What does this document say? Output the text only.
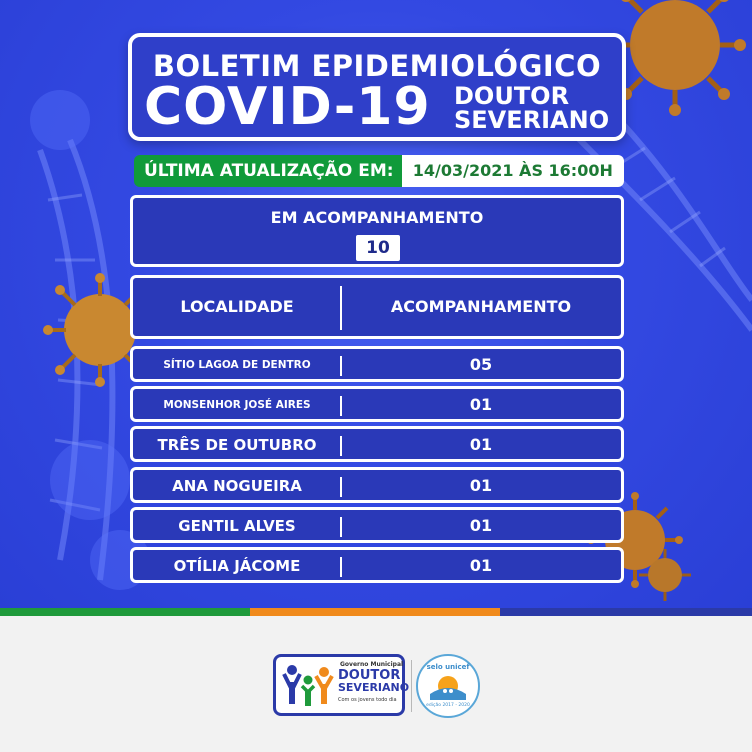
BOLETIM EPIDEMIOLÓGICO
COVID-19 DOUTOR
SEVERIANO
ÚLTIMA ATUALIZAÇÃO EM:	14/03/2021 ÀS 16:00H
EM ACOMPANHAMENTO
10
LOCALIDADE	ACOMPANHAMENTO
SÍTIO LAGOA DE DENTRO	05
MONSENHOR JOSÉ AIRES	01
TRÊS DE OUTUBRO	01
ANA NOGUEIRA	01
GENTIL ALVES	01
OTÍLIA JÁCOME	01
Governo Municipal
DOUTOR
SEVERIANO
Com os jovens todo dia
selo unicef
edição 2017 - 2020
